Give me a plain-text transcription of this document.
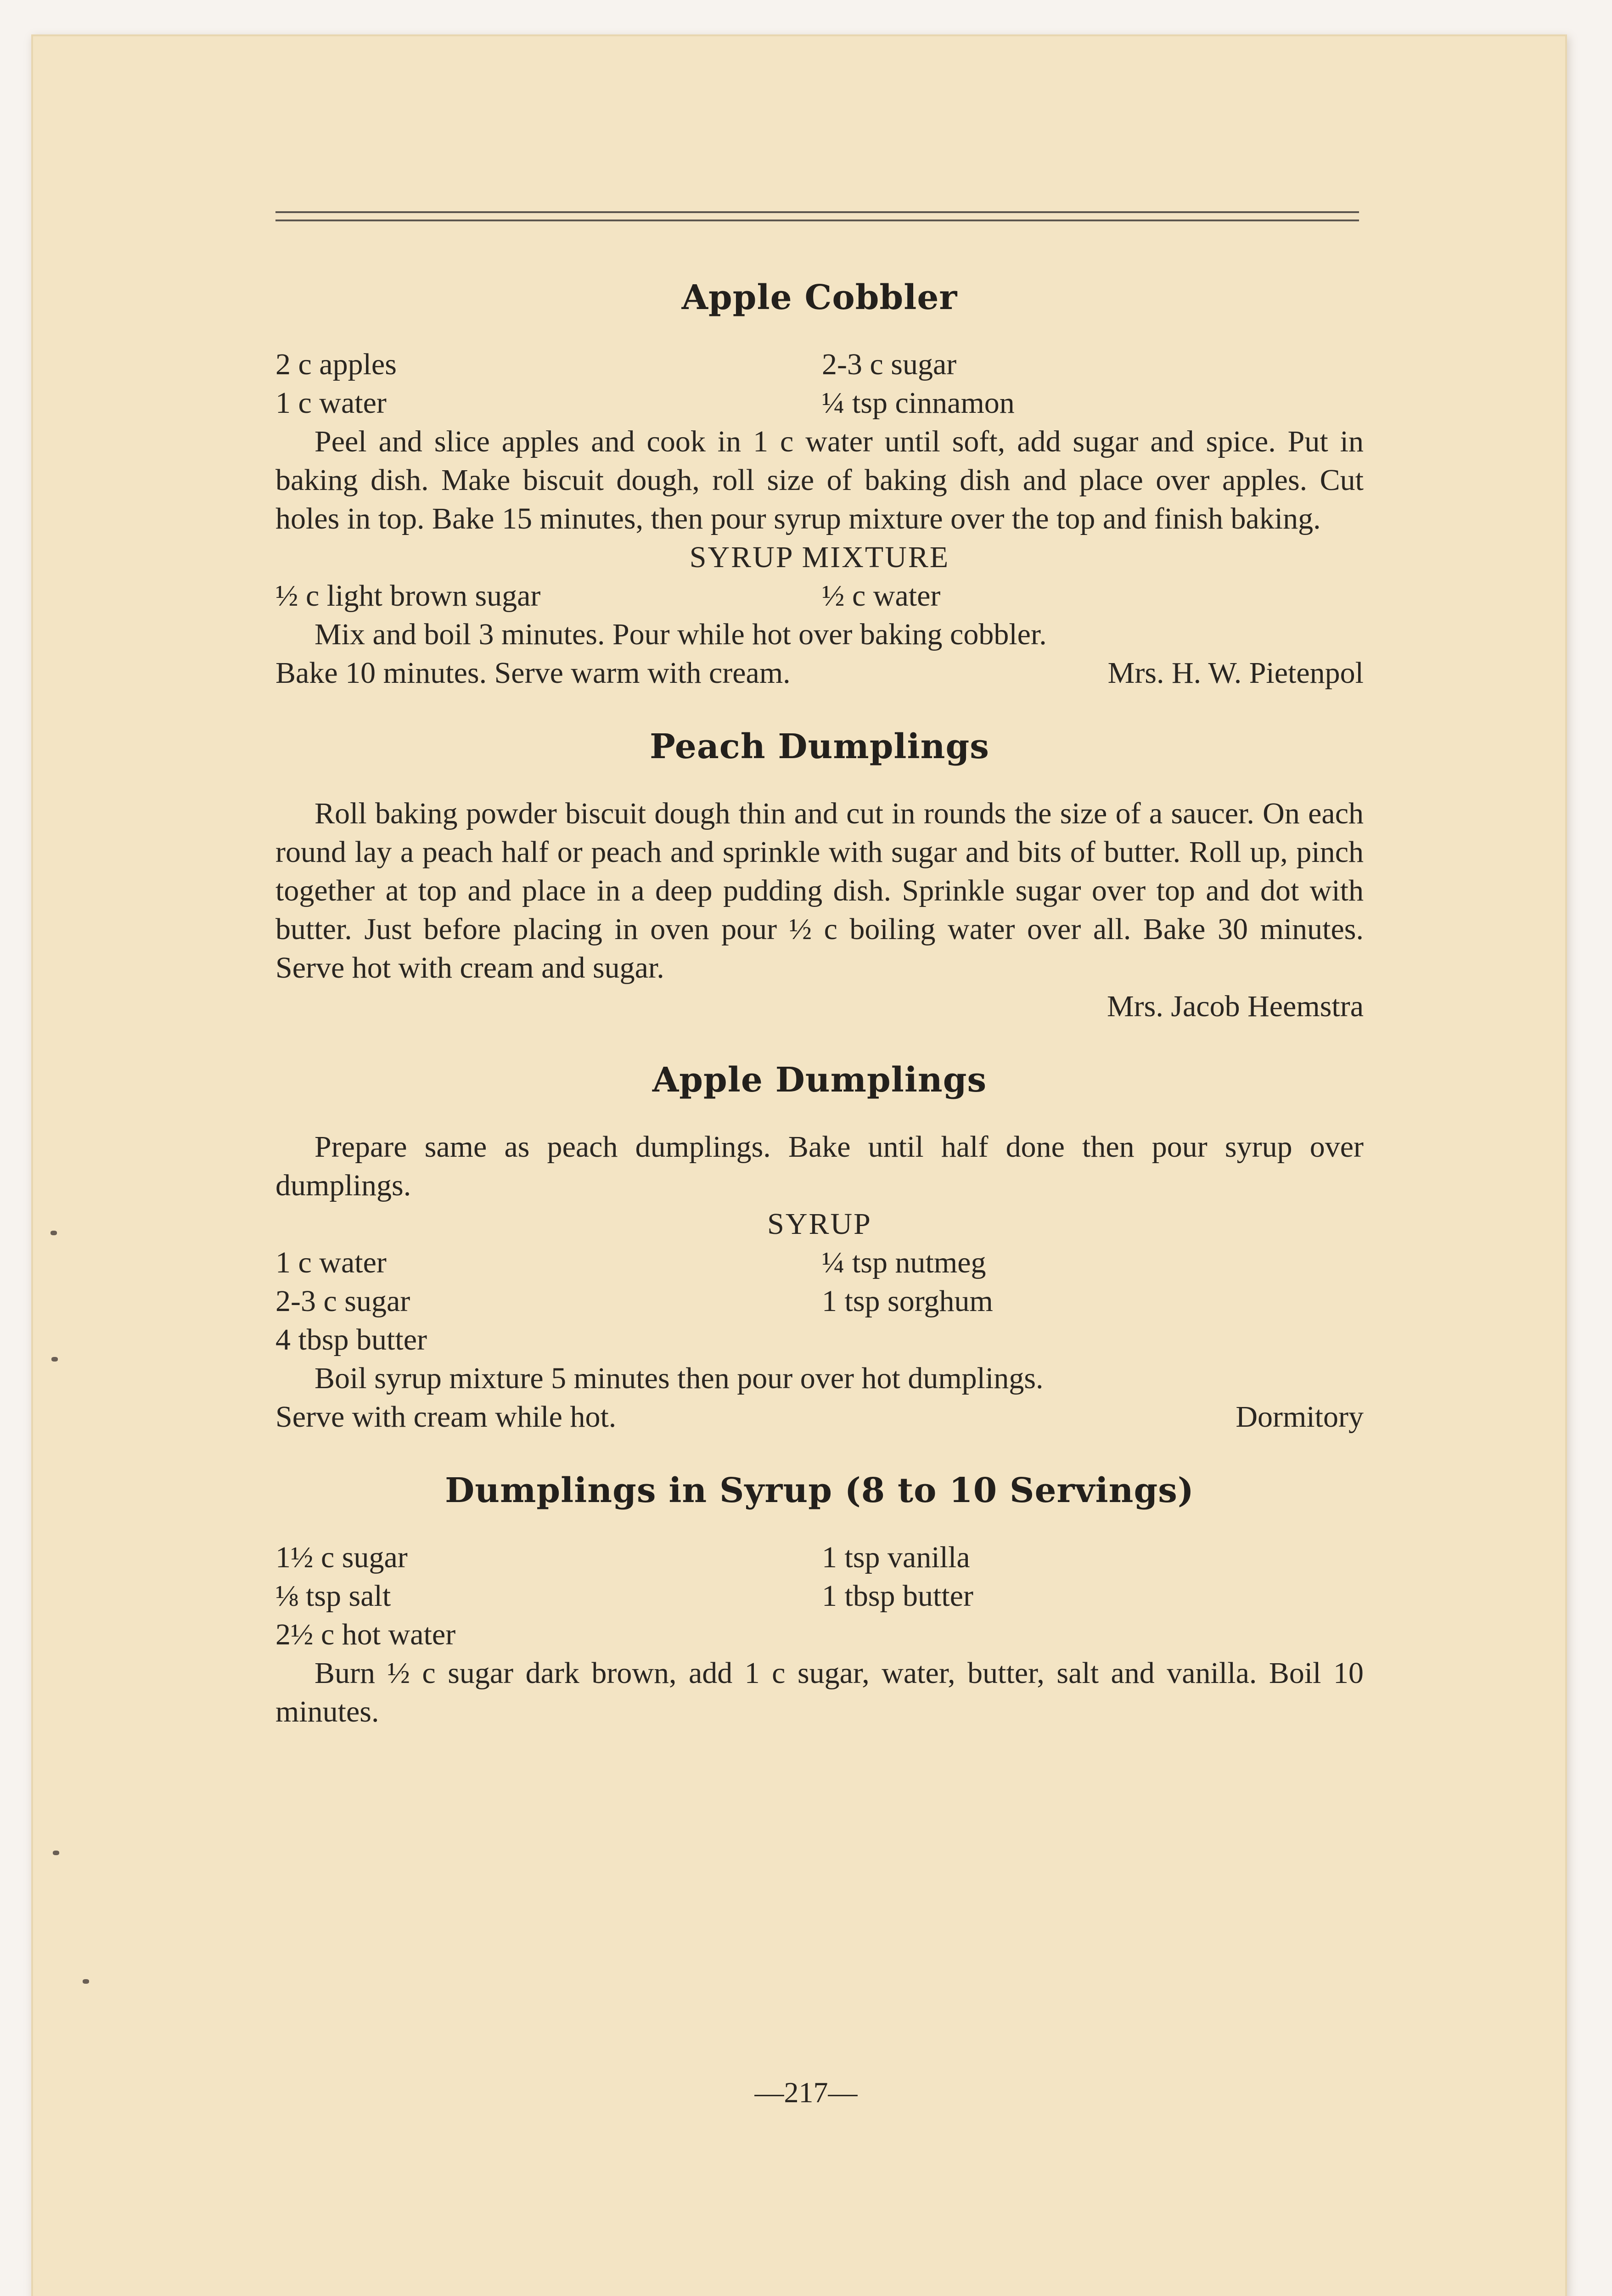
Apple Cobbler
2 c apples	2-3 c sugar
1 c water	¼ tsp cinnamon

Peel and slice apples and cook in 1 c water until soft, add sugar and spice. Put in baking dish. Make biscuit dough, roll size of baking dish and place over apples. Cut holes in top. Bake 15 minutes, then pour syrup mixture over the top and finish baking.

SYRUP MIXTURE
½ c light brown sugar	½ c water

Mix and boil 3 minutes. Pour while hot over baking cobbler.

Bake 10 minutes. Serve warm with cream.	Mrs. H. W. Pietenpol
Peach Dumplings

Roll baking powder biscuit dough thin and cut in rounds the size of a saucer. On each round lay a peach half or peach and sprinkle with sugar and bits of butter. Roll up, pinch together at top and place in a deep pudding dish. Sprinkle sugar over top and dot with butter. Just before placing in oven pour ½ c boiling water over all. Bake 30 minutes. Serve hot with cream and sugar.

Mrs. Jacob Heemstra
Apple Dumplings

Prepare same as peach dumplings. Bake until half done then pour syrup over dumplings.

SYRUP
1 c water	¼ tsp nutmeg
2-3 c sugar	1 tsp sorghum
4 tbsp butter

Boil syrup mixture 5 minutes then pour over hot dumplings.

Serve with cream while hot.	Dormitory
Dumplings in Syrup (8 to 10 Servings)
1½ c sugar	1 tsp vanilla
⅛ tsp salt	1 tbsp butter
2½ c hot water

Burn ½ c sugar dark brown, add 1 c sugar, water, butter, salt and vanilla. Boil 10 minutes.

—217—
